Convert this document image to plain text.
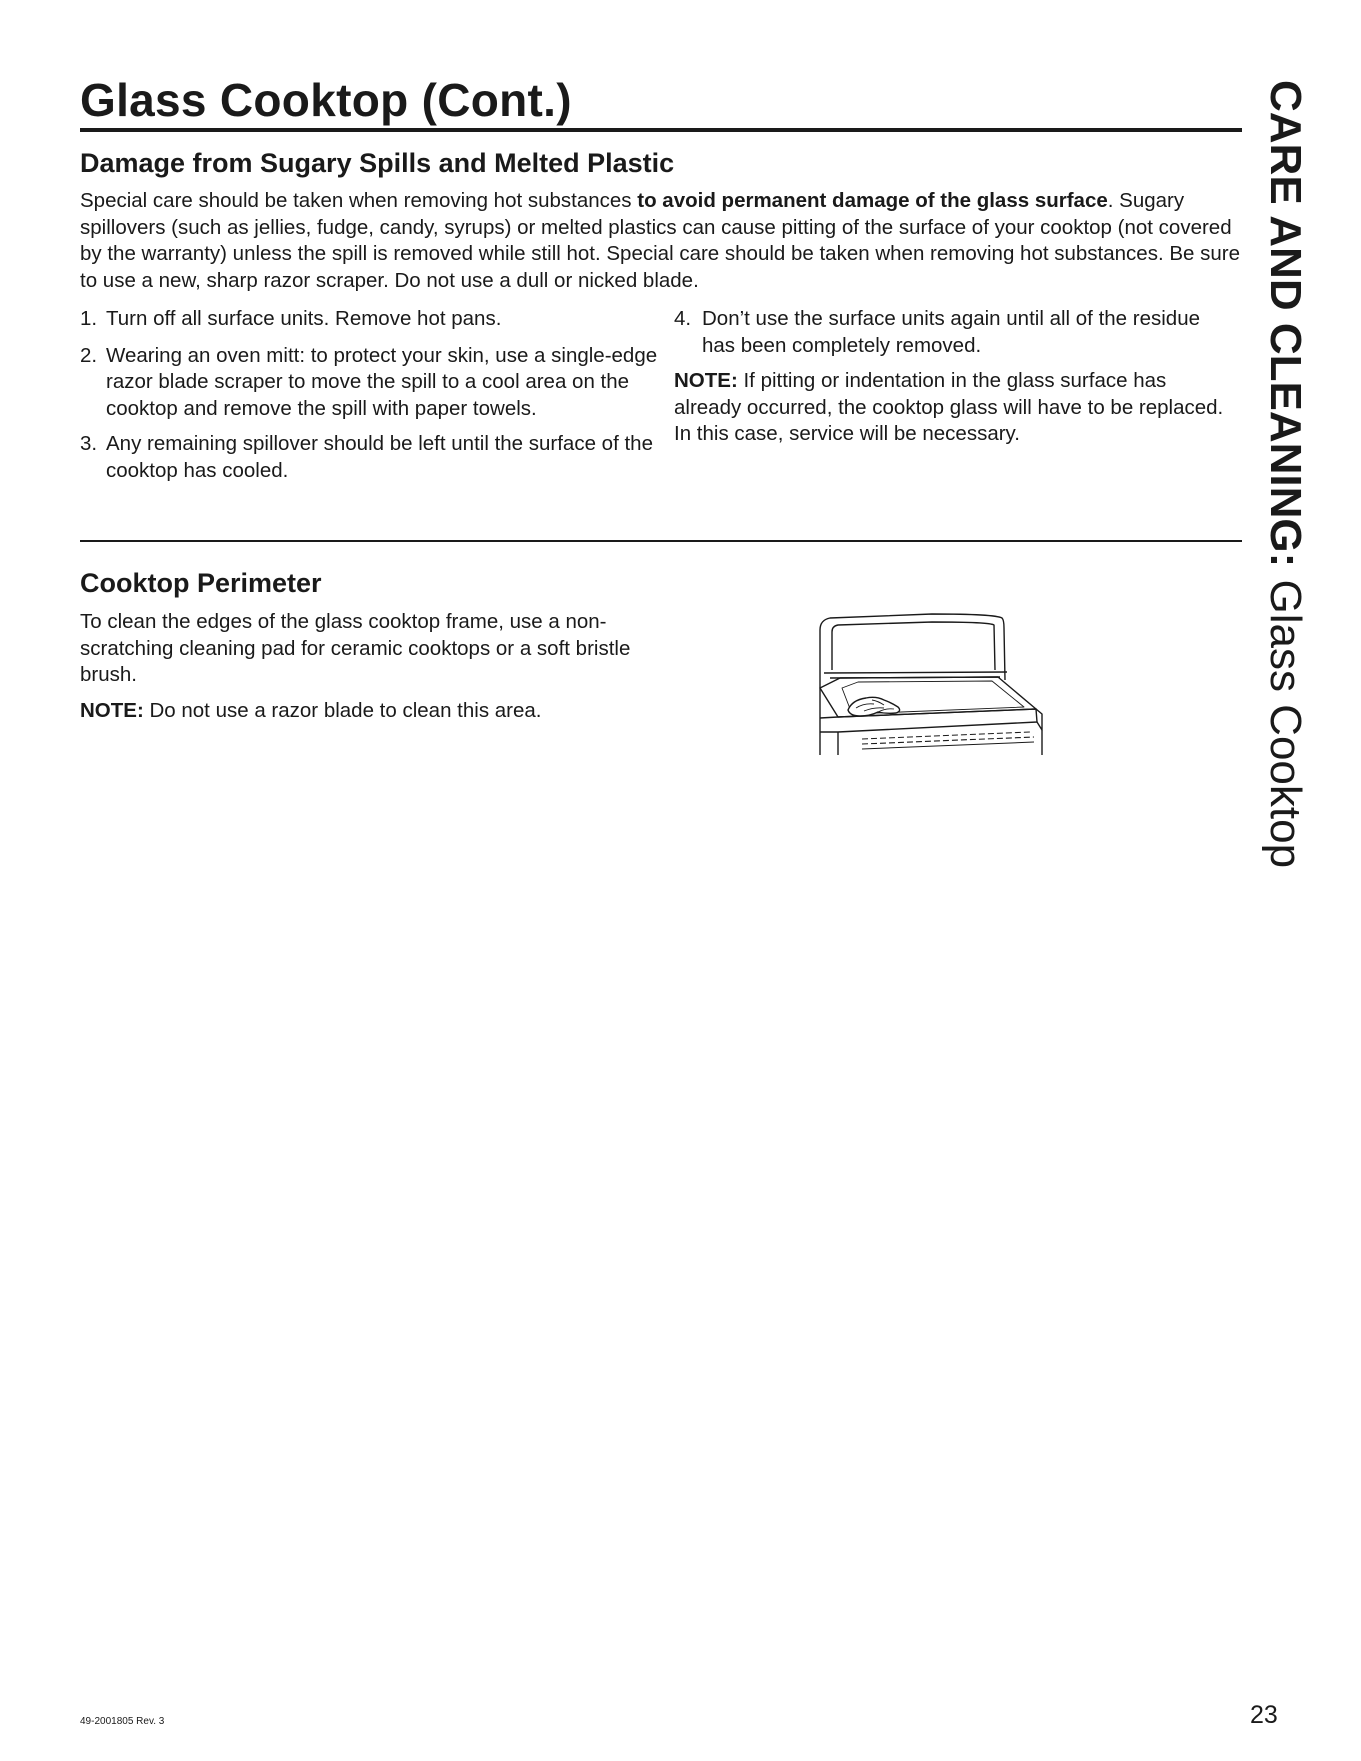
Glass Cooktop (Cont.)
Damage from Sugary Spills and Melted Plastic

Special care should be taken when removing hot substances to avoid permanent damage of the glass surface. Sugary spillovers (such as jellies, fudge, candy, syrups) or melted plastics can cause pitting of the surface of your cooktop (not covered by the warranty) unless the spill is removed while still hot. Special care should be taken when removing hot substances. Be sure to use a new, sharp razor scraper. Do not use a dull or nicked blade.

1. Turn off all surface units. Remove hot pans.
2. Wearing an oven mitt: to protect your skin, use a single-edge razor blade scraper to move the spill to a cool area on the cooktop and remove the spill with paper towels.
3. Any remaining spillover should be left until the surface of the cooktop has cooled.
4. Don’t use the surface units again until all of the residue has been completely removed.

NOTE: If pitting or indentation in the glass surface has already occurred, the cooktop glass will have to be replaced. In this case, service will be necessary.

Cooktop Perimeter

To clean the edges of the glass cooktop frame, use a non-scratching cleaning pad for ceramic cooktops or a soft bristle brush.

NOTE: Do not use a razor blade to clean this area.

CARE AND CLEANING: Glass Cooktop
49-2001805 Rev. 3	23
